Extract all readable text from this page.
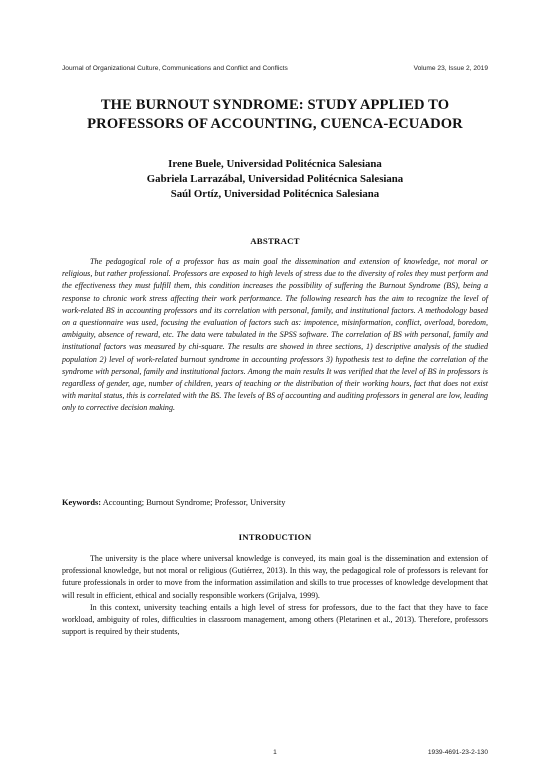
Journal of Organizational Culture, Communications and Conflict and Conflicts	Volume 23, Issue 2, 2019
THE BURNOUT SYNDROME: STUDY APPLIED TO
PROFESSORS OF ACCOUNTING, CUENCA-ECUADOR
Irene Buele, Universidad Politécnica Salesiana
Gabriela Larrazábal, Universidad Politécnica Salesiana
Saúl Ortíz, Universidad Politécnica Salesiana
ABSTRACT
The pedagogical role of a professor has as main goal the dissemination and extension of knowledge, not moral or religious, but rather professional. Professors are exposed to high levels of stress due to the diversity of roles they must perform and the effectiveness they must fulfill them, this condition increases the possibility of suffering the Burnout Syndrome (BS), being a response to chronic work stress affecting their work performance. The following research has the aim to recognize the level of work-related BS in accounting professors and its correlation with personal, family, and institutional factors. A methodology based on a questionnaire was used, focusing the evaluation of factors such as: impotence, misinformation, conflict, overload, boredom, ambiguity, absence of reward, etc. The data were tabulated in the SPSS software. The correlation of BS with personal, family and institutional factors was measured by chi-square. The results are showed in three sections, 1) descriptive analysis of the studied population 2) level of work-related burnout syndrome in accounting professors 3) hypothesis test to define the correlation of the syndrome with personal, family and institutional factors. Among the main results It was verified that the level of BS in professors is regardless of gender, age, number of children, years of teaching or the distribution of their working hours, fact that does not exist with marital status, this is correlated with the BS. The levels of BS of accounting and auditing professors in general are low, leading only to corrective decision making.
Keywords: Accounting; Burnout Syndrome; Professor, University
INTRODUCTION

The university is the place where universal knowledge is conveyed, its main goal is the dissemination and extension of professional knowledge, but not moral or religious (Gutiérrez, 2013). In this way, the pedagogical role of professors is relevant for future professionals in order to move from the information assimilation and skills to true processes of knowledge development that will result in efficient, ethical and socially responsible workers (Grijalva, 1999).

In this context, university teaching entails a high level of stress for professors, due to the fact that they have to face workload, ambiguity of roles, difficulties in classroom management, among others (Pletarinen et al., 2013). Therefore, professors support is required by their students,

1	1939-4691-23-2-130
